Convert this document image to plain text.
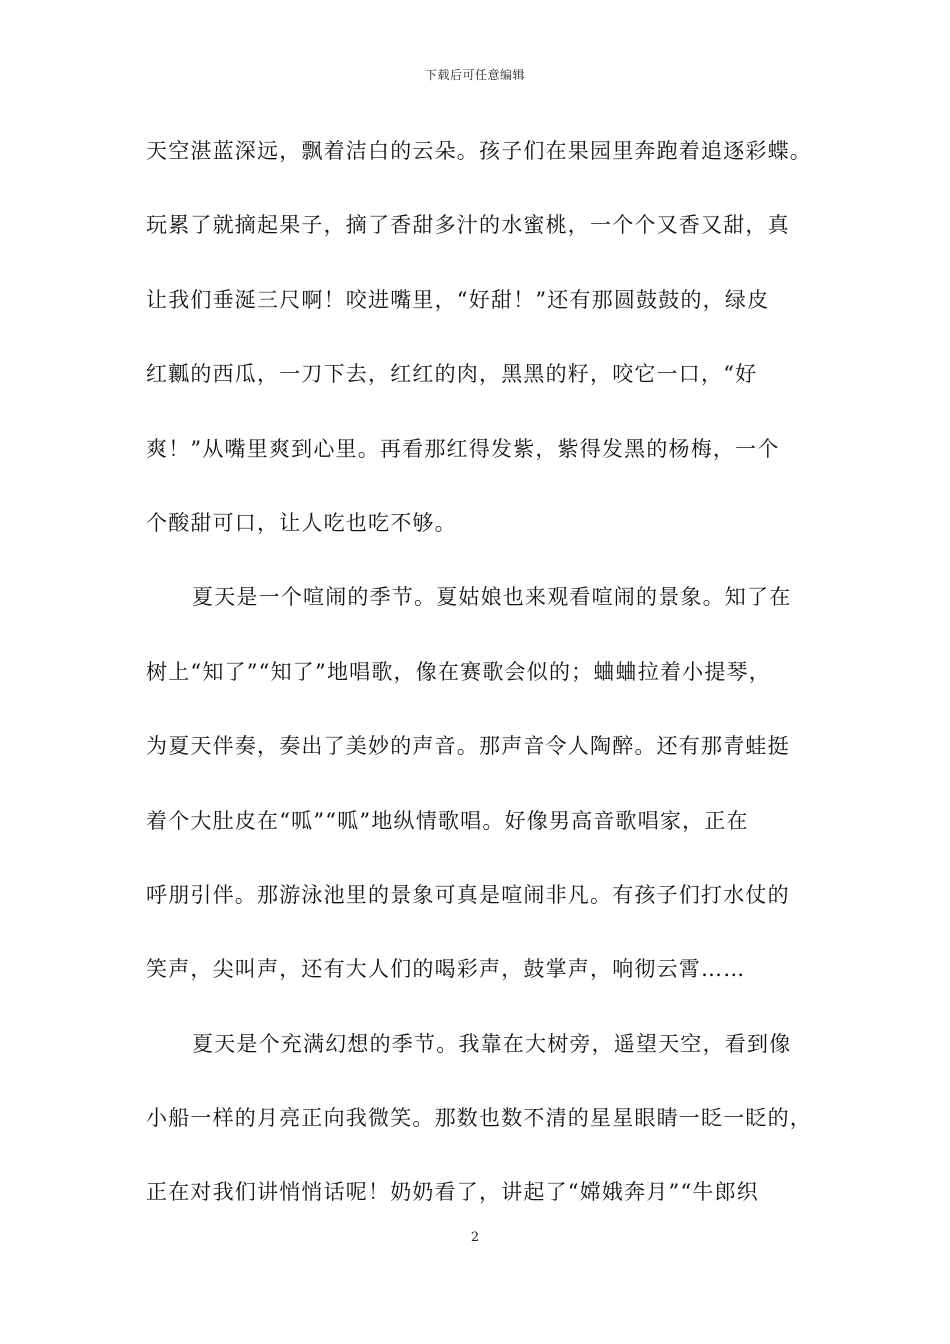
下载后可任意编辑
天空湛蓝深远，飘着洁白的云朵。孩子们在果园里奔跑着追逐彩蝶。
玩累了就摘起果子，摘了香甜多汁的水蜜桃，一个个又香又甜，真
让我们垂涎三尺啊！咬进嘴里，“好甜！”还有那圆鼓鼓的，绿皮
红瓤的西瓜，一刀下去，红红的肉，黑黑的籽，咬它一口，“好
爽！”从嘴里爽到心里。再看那红得发紫，紫得发黑的杨梅，一个
个酸甜可口，让人吃也吃不够。
夏天是一个喧闹的季节。夏姑娘也来观看喧闹的景象。知了在
树上“知了”“知了”地唱歌，像在赛歌会似的；蛐蛐拉着小提琴，
为夏天伴奏，奏出了美妙的声音。那声音令人陶醉。还有那青蛙挺
着个大肚皮在“呱”“呱”地纵情歌唱。好像男高音歌唱家，正在
呼朋引伴。那游泳池里的景象可真是喧闹非凡。有孩子们打水仗的
笑声，尖叫声，还有大人们的喝彩声，鼓掌声，响彻云霄……
夏天是个充满幻想的季节。我靠在大树旁，遥望天空，看到像
小船一样的月亮正向我微笑。那数也数不清的星星眼睛一眨一眨的，
正在对我们讲悄悄话呢！奶奶看了，讲起了“嫦娥奔月”“牛郎织
2
